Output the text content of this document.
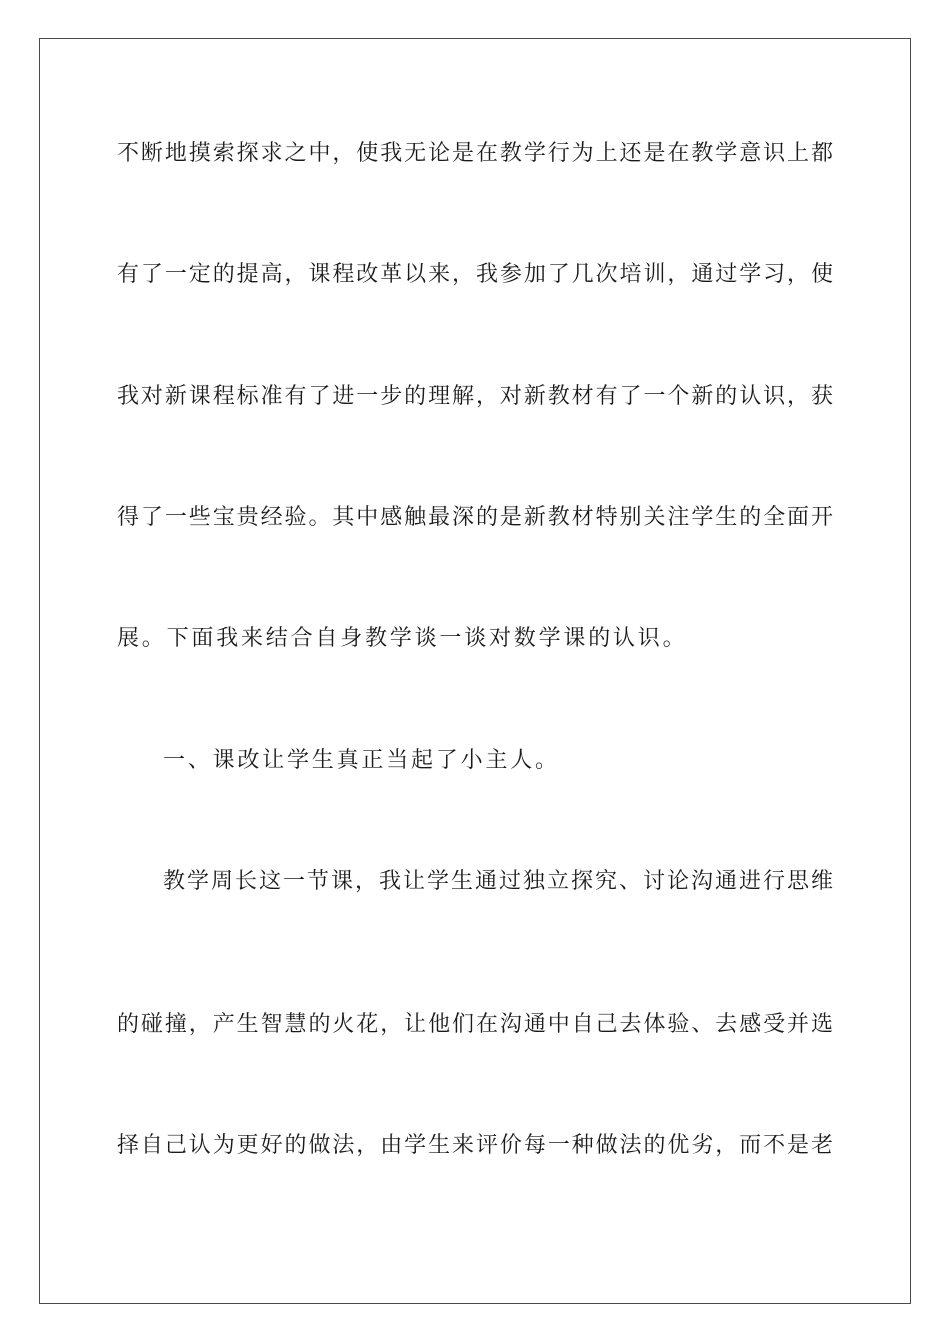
不断地摸索探求之中，使我无论是在教学行为上还是在教学意识上都
有了一定的提高，课程改革以来，我参加了几次培训，通过学习，使
我对新课程标准有了进一步的理解，对新教材有了一个新的认识，获
得了一些宝贵经验。其中感触最深的是新教材特别关注学生的全面开
展。下面我来结合自身教学谈一谈对数学课的认识。
一、课改让学生真正当起了小主人。
教学周长这一节课，我让学生通过独立探究、讨论沟通进行思维
的碰撞，产生智慧的火花，让他们在沟通中自己去体验、去感受并选
择自己认为更好的做法，由学生来评价每一种做法的优劣，而不是老
